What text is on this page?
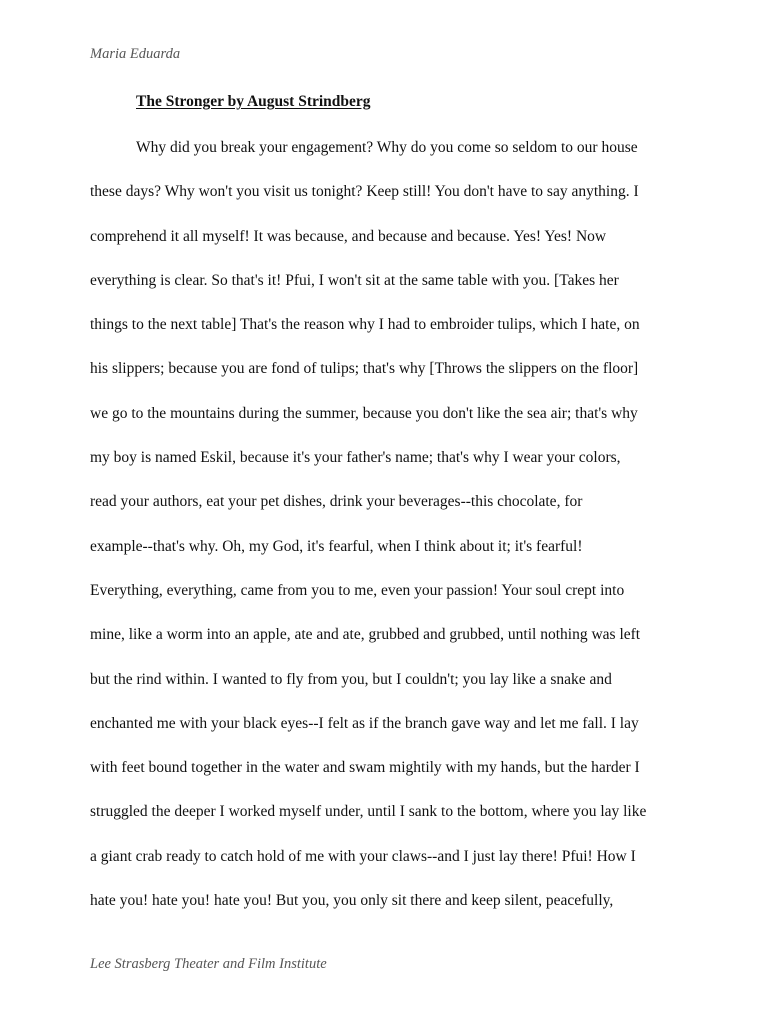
Maria Eduarda
The Stronger by August Strindberg
Why did you break your engagement? Why do you come so seldom to our house
these days? Why won't you visit us tonight? Keep still! You don't have to say anything. I
comprehend it all myself! It was because, and because and because. Yes! Yes! Now
everything is clear. So that's it! Pfui, I won't sit at the same table with you. [Takes her
things to the next table] That's the reason why I had to embroider tulips, which I hate, on
his slippers; because you are fond of tulips; that's why [Throws the slippers on the floor]
we go to the mountains during the summer, because you don't like the sea air; that's why
my boy is named Eskil, because it's your father's name; that's why I wear your colors,
read your authors, eat your pet dishes, drink your beverages--this chocolate, for
example--that's why. Oh, my God, it's fearful, when I think about it; it's fearful!
Everything, everything, came from you to me, even your passion! Your soul crept into
mine, like a worm into an apple, ate and ate, grubbed and grubbed, until nothing was left
but the rind within. I wanted to fly from you, but I couldn't; you lay like a snake and
enchanted me with your black eyes--I felt as if the branch gave way and let me fall. I lay
with feet bound together in the water and swam mightily with my hands, but the harder I
struggled the deeper I worked myself under, until I sank to the bottom, where you lay like
a giant crab ready to catch hold of me with your claws--and I just lay there! Pfui! How I
hate you! hate you! hate you! But you, you only sit there and keep silent, peacefully,
Lee Strasberg Theater and Film Institute
